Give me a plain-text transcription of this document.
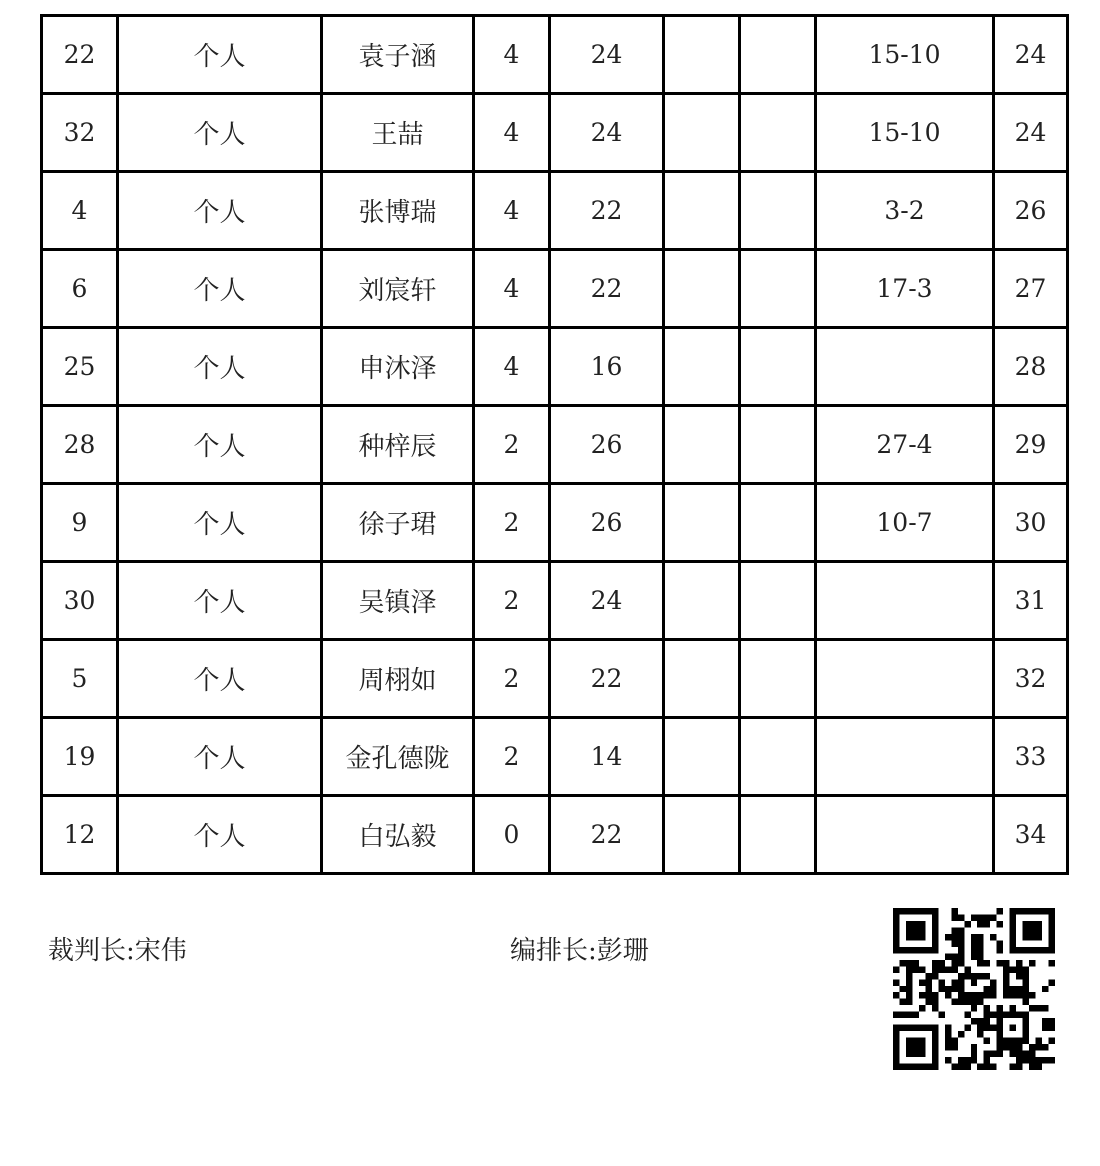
22	个人	袁子涵	4	24			15-10	24
32	个人	王喆	4	24			15-10	24
4	个人	张博瑞	4	22			3-2	26
6	个人	刘宸轩	4	22			17-3	27
25	个人	申沐泽	4	16				28
28	个人	种梓辰	2	26			27-4	29
9	个人	徐子珺	2	26			10-7	30
30	个人	吴镇泽	2	24				31
5	个人	周栩如	2	22				32
19	个人	金孔德陇	2	14				33
12	个人	白弘毅	0	22				34
裁判长:宋伟	编排长:彭珊
